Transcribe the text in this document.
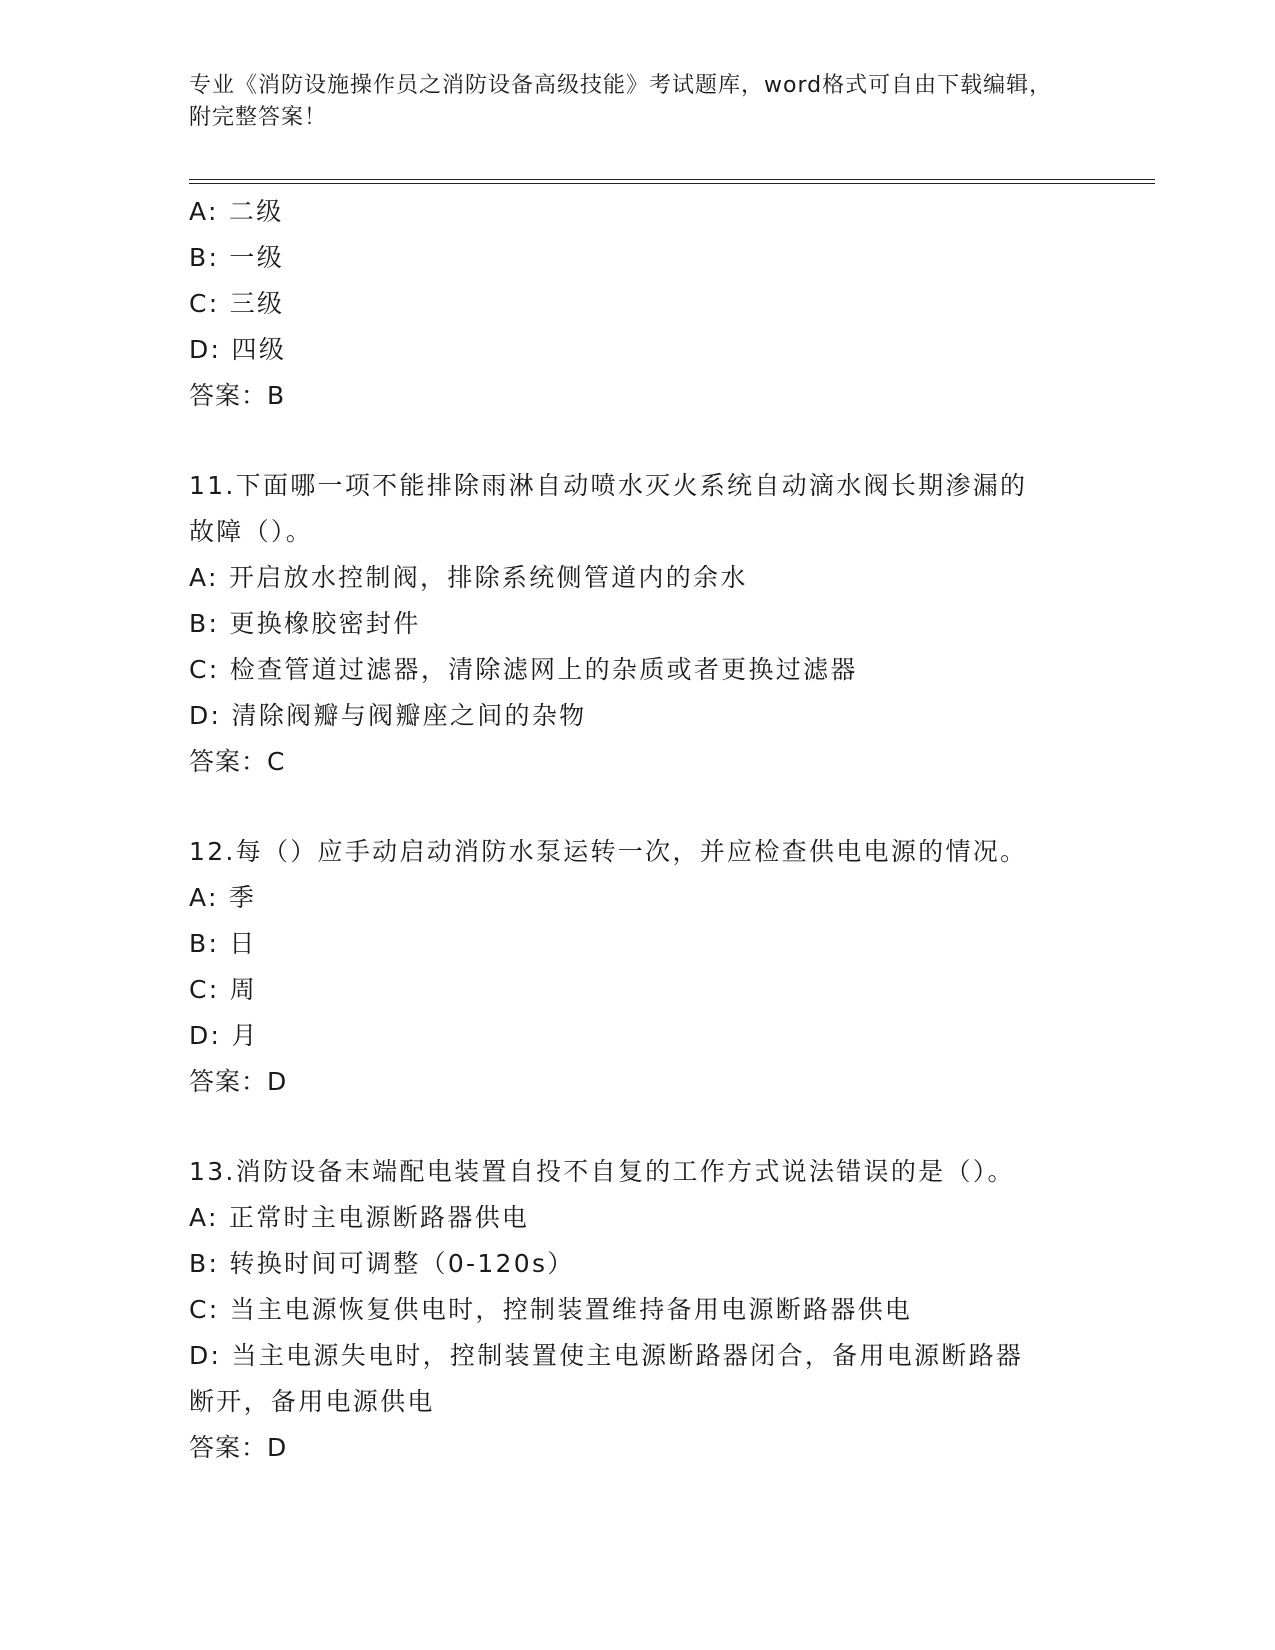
专业《消防设施操作员之消防设备高级技能》考试题库，word格式可自由下载编辑，附完整答案！
A: 二级
B: 一级
C: 三级
D: 四级
答案：B
11.下面哪一项不能排除雨淋自动喷水灭火系统自动滴水阀长期渗漏的
故障（）。
A: 开启放水控制阀，排除系统侧管道内的余水
B: 更换橡胶密封件
C: 检查管道过滤器，清除滤网上的杂质或者更换过滤器
D: 清除阀瓣与阀瓣座之间的杂物
答案：C
12.每（）应手动启动消防水泵运转一次，并应检查供电电源的情况。
A: 季
B: 日
C: 周
D: 月
答案：D
13.消防设备末端配电装置自投不自复的工作方式说法错误的是（）。
A: 正常时主电源断路器供电
B: 转换时间可调整（0-120s）
C: 当主电源恢复供电时，控制装置维持备用电源断路器供电
D: 当主电源失电时，控制装置使主电源断路器闭合，备用电源断路器
断开，备用电源供电
答案：D
